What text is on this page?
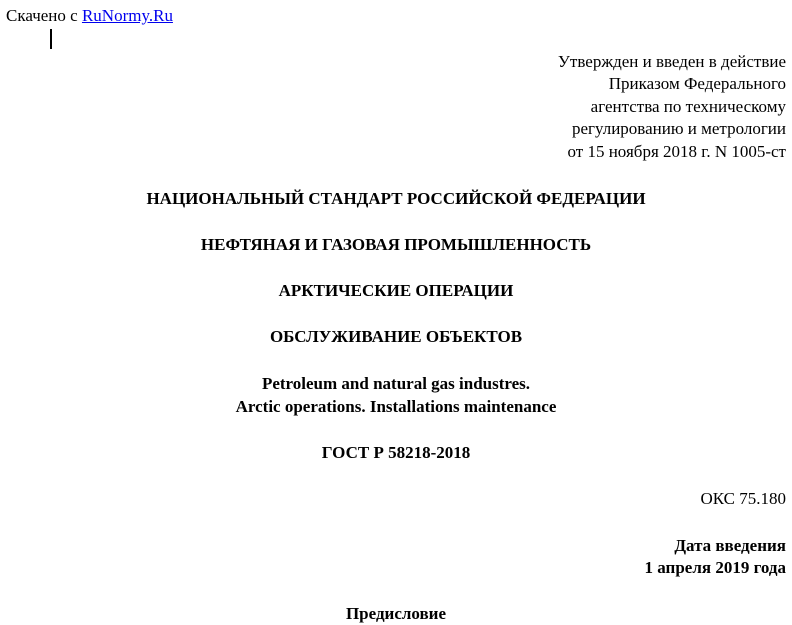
Скачено с RuNormy.Ru
Утвержден и введен в действие
Приказом Федерального
агентства по техническому
регулированию и метрологии
от 15 ноября 2018 г. N 1005-ст
НАЦИОНАЛЬНЫЙ СТАНДАРТ РОССИЙСКОЙ ФЕДЕРАЦИИ
НЕФТЯНАЯ И ГАЗОВАЯ ПРОМЫШЛЕННОСТЬ
АРКТИЧЕСКИЕ ОПЕРАЦИИ
ОБСЛУЖИВАНИЕ ОБЪЕКТОВ
Petroleum and natural gas industres.
Arctic operations. Installations maintenance
ГОСТ Р 58218-2018
ОКС 75.180
Дата введения
1 апреля 2019 года
Предисловие
